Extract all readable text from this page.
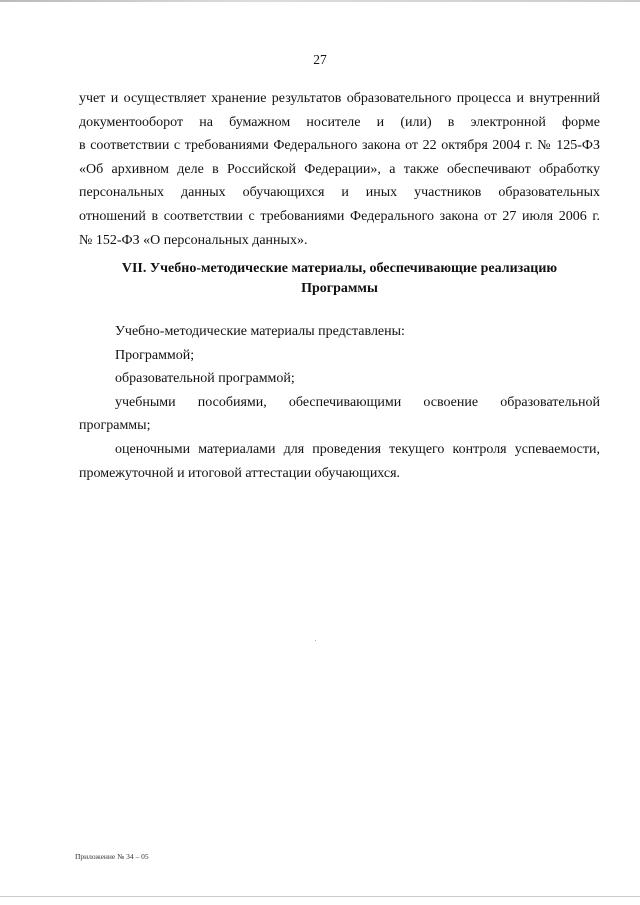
27
учет и осуществляет хранение результатов образовательного процесса и внутренний
документооборот на бумажном носителе и (или) в электронной форме
в соответствии с требованиями Федерального закона от 22 октября 2004 г. № 125-ФЗ
«Об архивном деле в Российской Федерации», а также обеспечивают обработку
персональных данных обучающихся и иных участников образовательных
отношений в соответствии с требованиями Федерального закона от 27 июля 2006 г.
№ 152-ФЗ «О персональных данных».
VII. Учебно-методические материалы, обеспечивающие реализацию
Программы
Учебно-методические материалы представлены:
Программой;
образовательной программой;
учебными пособиями, обеспечивающими освоение образовательной
программы;
оценочными материалами для проведения текущего контроля успеваемости,
промежуточной и итоговой аттестации обучающихся.
Приложение № 34 – 05
